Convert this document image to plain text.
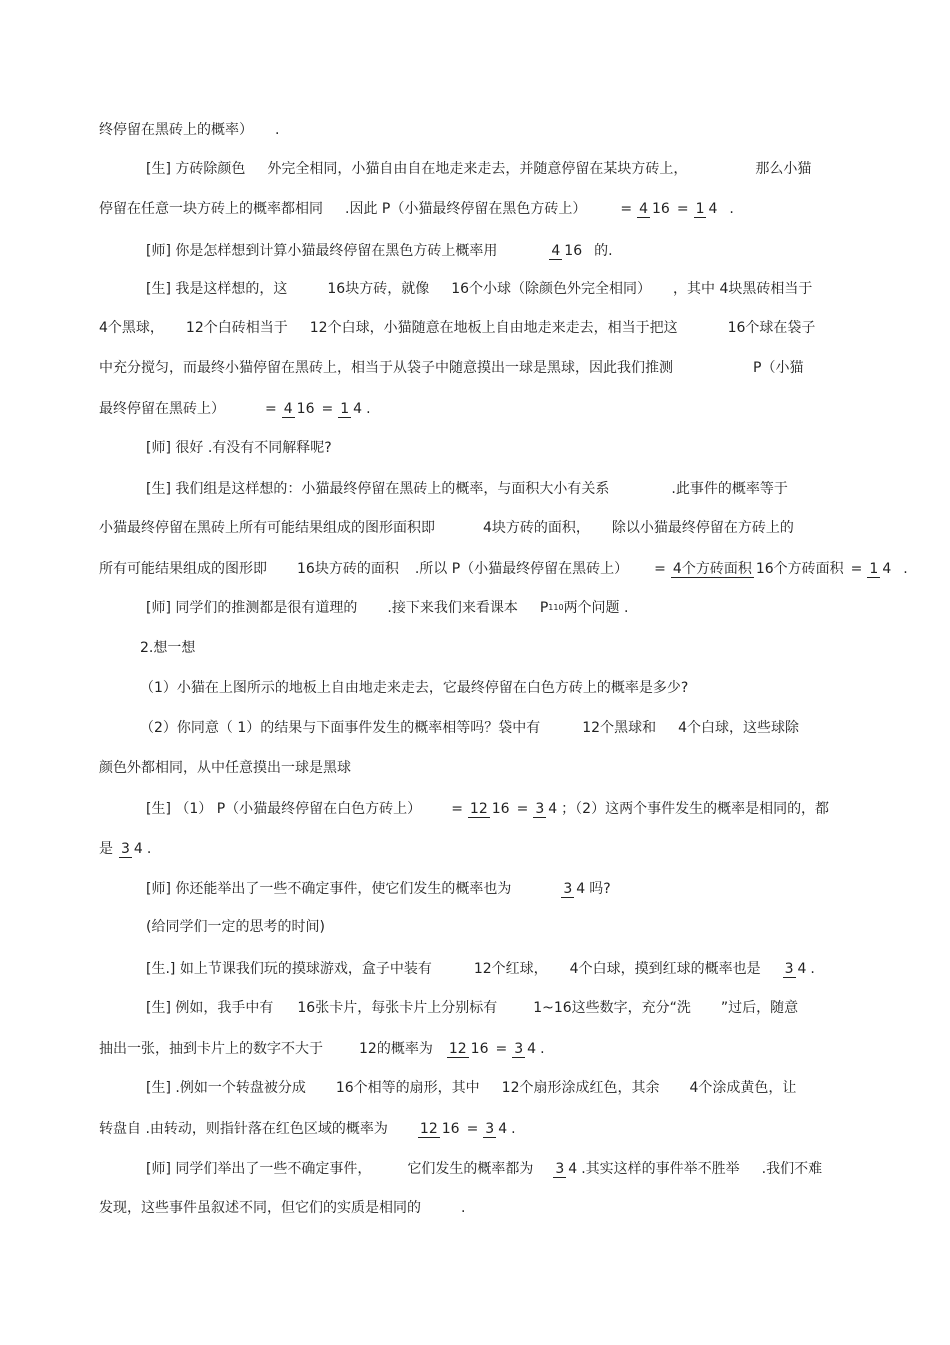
终停留在黑砖上的概率） .
[生] 方砖除颜色 外完全相同，小猫自由自在地走来走去，并随意停留在某块方砖上，	那么小猫
停留在任意一块方砖上的概率都相同 .因此 P（小猫最终停留在黑色方砖上） = 4 16 = 1 4 .
[师] 你是怎样想到计算小猫最终停留在黑色方砖上概率用	4 16 的.
[生] 我是这样想的，这	16块方砖，就像 16个小球（除颜色外完全相同） ，其中 4块黑砖相当于
4个黑球， 12个白砖相当于 12个白球，小猫随意在地板上自由地走来走去，相当于把这	16个球在袋子
中充分搅匀，而最终小猫停留在黑砖上，相当于从袋子中随意摸出一球是黑球，因此我们推测	P（小猫
最终停留在黑砖上）	= 4 16 = 1 4 .
[师] 很好 .有没有不同解释呢?
[生] 我们组是这样想的：小猫最终停留在黑砖上的概率，与面积大小有关系	.此事件的概率等于
小猫最终停留在黑砖上所有可能结果组成的图形面积即	4块方砖的面积， 除以小猫最终停留在方砖上的
所有可能结果组成的图形即 16块方砖的面积 .所以 P（小猫最终停留在黑砖上） = 4个方砖面积 16个方砖面积 = 1 4 .
[师] 同学们的推测都是很有道理的 .接下来我们来看课本 P 110 两个问题 .
2.想一想
（1）小猫在上图所示的地板上自由地走来走去，它最终停留在白色方砖上的概率是多少?
（2）你同意（ 1）的结果与下面事件发生的概率相等吗？袋中有	12个黑球和 4个白球，这些球除
颜色外都相同，从中任意摸出一球是黑球
[生] （1） P（小猫最终停留在白色方砖上） = 12 16 = 3 4 ；（2）这两个事件发生的概率是相同的，都
是 3 4 .
[师] 你还能举出了一些不确定事件，使它们发生的概率也为	3 4 吗?
(给同学们一定的思考的时间)
[生.] 如上节课我们玩的摸球游戏，盒子中装有	12个红球， 4个白球，摸到红球的概率也是 3 4 .
[生] 例如，我手中有 16张卡片，每张卡片上分别标有	1~16这些数字，充分“洗 ”过后，随意
抽出一张，抽到卡片上的数字不大于	12的概率为 12 16 = 3 4 .
[生] .例如一个转盘被分成 16个相等的扇形，其中 12个扇形涂成红色，其余 4个涂成黄色，让
转盘自 .由转动，则指针落在红色区域的概率为 12 16 = 3 4 .
[师] 同学们举出了一些不确定事件，	它们发生的概率都为 3 4 .其实这样的事件举不胜举 .我们不难
发现，这些事件虽叙述不同，但它们的实质是相同的	.
